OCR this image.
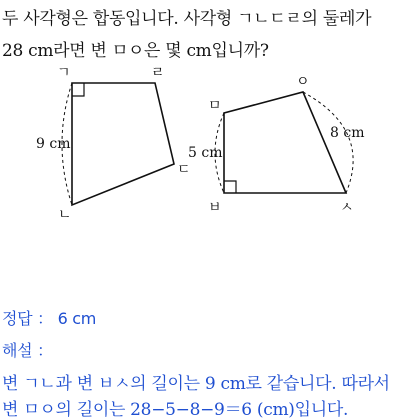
두 사각형은 합동입니다. 사각형 ㄱㄴㄷㄹ의 둘레가
28 cm라면 변 ㅁㅇ은 몇 cm입니까?
ㄱ
ㄴ
ㄷ
ㄹ
9 cm
ㅁ
ㅂ	ㅅ
ㅇ
5 cm
8 cm
정답 ： 6 cm
해설 ：
변 ㄱㄴ과 변 ㅂㅅ의 길이는 9 cm로 같습니다. 따라서
변 ㅁㅇ의 길이는 28−5−8−9＝6 (cm)입니다.
